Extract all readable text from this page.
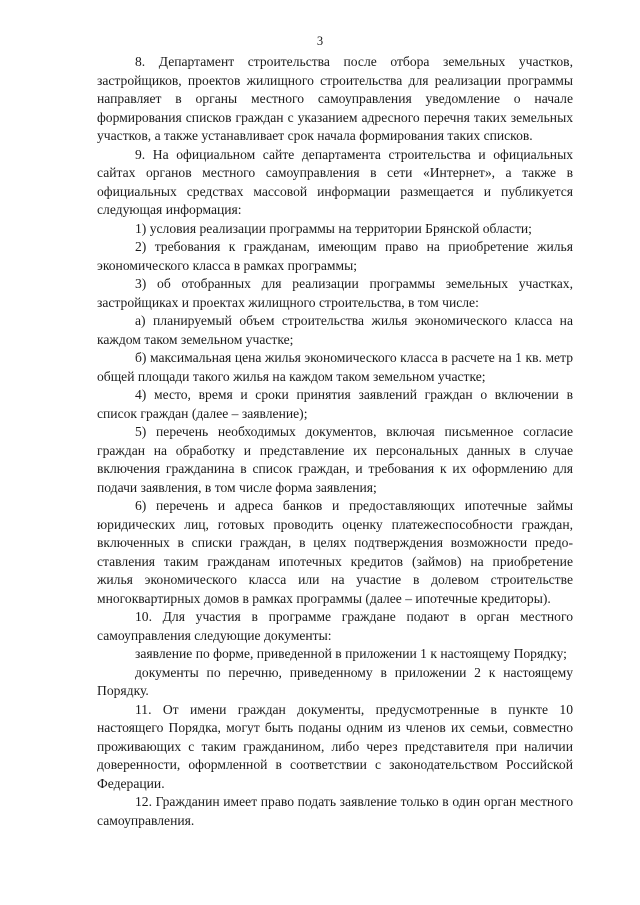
3

8. Департамент строительства после отбора земельных участков, застройщиков, проектов жилищного строительства для реализации программы направляет в органы местного самоуправления уведомление о начале формирования списков граждан с указанием адресного перечня таких земельных участков, а также устанавливает срок начала формирования таких списков.

9. На официальном сайте департамента строительства и официальных сайтах органов местного самоуправления в сети «Интернет», а также в официальных средствах массовой информации размещается и публикуется следующая информация:

1) условия реализации программы на территории Брянской области;

2) требования к гражданам, имеющим право на приобретение жилья экономического класса в рамках программы;

3) об отобранных для реализации программы земельных участках, застройщиках и проектах жилищного строительства, в том числе:

а) планируемый объем строительства жилья экономического класса на каждом таком земельном участке;

б) максимальная цена жилья экономического класса в расчете на 1 кв. метр общей площади такого жилья на каждом таком земельном участке;

4) место, время и сроки принятия заявлений граждан о включении в список граждан (далее – заявление);

5) перечень необходимых документов, включая письменное согласие граждан на обработку и представление их персональных данных в случае включения гражданина в список граждан, и требования к их оформлению для подачи заявления, в том числе форма заявления;

6) перечень и адреса банков и предоставляющих ипотечные займы юридических лиц, готовых проводить оценку платежеспособности граждан, включенных в списки граждан, в целях подтверждения возможности предоставления таким гражданам ипотечных кредитов (займов) на приобретение жилья экономического класса или на участие в долевом строительстве многоквартирных домов в рамках программы (далее – ипотечные кредиторы).

10. Для участия в программе граждане подают в орган местного самоуправления следующие документы:

заявление по форме, приведенной в приложении 1 к настоящему Порядку;

документы по перечню, приведенному в приложении 2 к настоящему Порядку.

11. От имени граждан документы, предусмотренные в пункте 10 настоящего Порядка, могут быть поданы одним из членов их семьи, совместно проживающих с таким гражданином, либо через представителя при наличии доверенности, оформленной в соответствии с законодательством Российской Федерации.

12. Гражданин имеет право подать заявление только в один орган местного самоуправления.
